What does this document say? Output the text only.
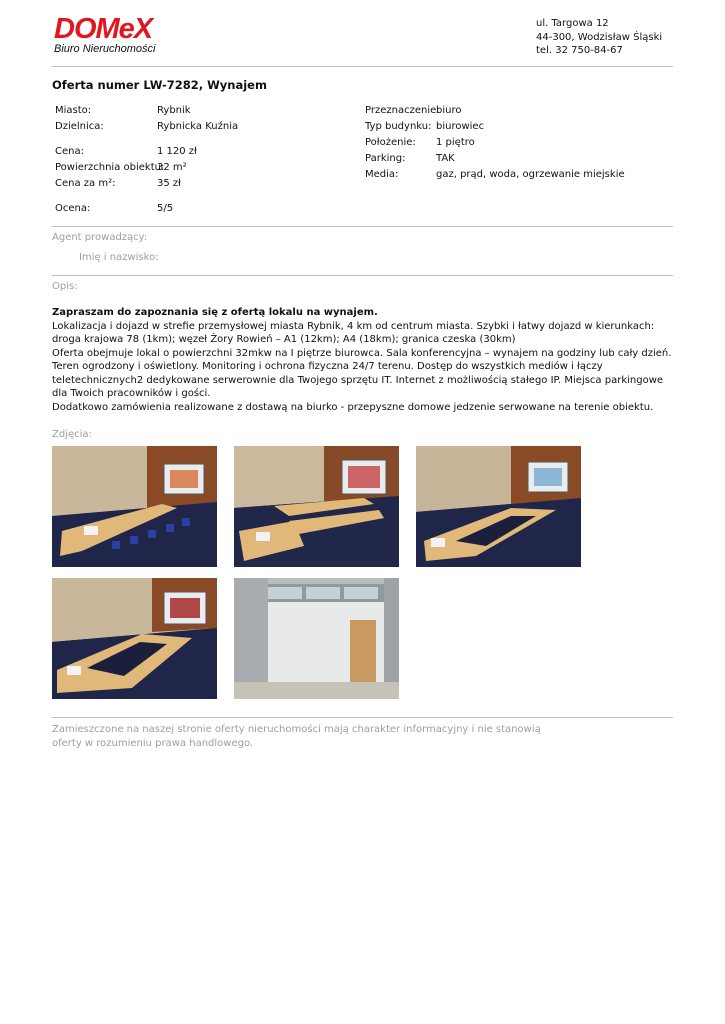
DOMeX
Biuro Nieruchomości
ul. Targowa 12
44-300, Wodzisław Śląski
tel. 32 750-84-67
Oferta numer LW-7282, Wynajem
Miasto:	Rybnik
Dzielnica:	Rybnicka Kuźnia
Cena:	1 120 zł
Powierzchnia obiektu:
32 m²
Cena za m²:	35 zł
Ocena:	5/5
Przeznaczenie:
biuro
Typ budynku: biurowiec
Położenie: 1 piętro
Parking:	TAK
Media:	gaz, prąd, woda, ogrzewanie miejskie
Agent prowadzący:
Imię i nazwisko:
Opis:

Zapraszam do zapoznania się z ofertą lokalu na wynajem.

Lokalizacja i dojazd w strefie przemysłowej miasta Rybnik, 4 km od centrum miasta. Szybki i łatwy dojazd w kierunkach: droga krajowa 78 (1km); węzeł Żory Rowień – A1 (12km); A4 (18km); granica czeska (30km)

Oferta obejmuje lokal o powierzchni 32mkw na I piętrze biurowca. Sala konferencyjna – wynajem na godziny lub cały dzień. Teren ogrodzony i oświetlony. Monitoring i ochrona fizyczna 24/7 terenu. Dostęp do wszystkich mediów i łączy teletechnicznych2 dedykowane serwerownie dla Twojego sprzętu IT. Internet z możliwością stałego IP. Miejsca parkingowe dla Twoich pracowników i gości.

Dodatkowo zamówienia realizowane z dostawą na biurko - przepyszne domowe jedzenie serwowane na terenie obiektu.

Zdjęcia:
Zamieszczone na naszej stronie oferty nieruchomości mają charakter informacyjny i nie stanowią oferty w rozumieniu prawa handlowego.
